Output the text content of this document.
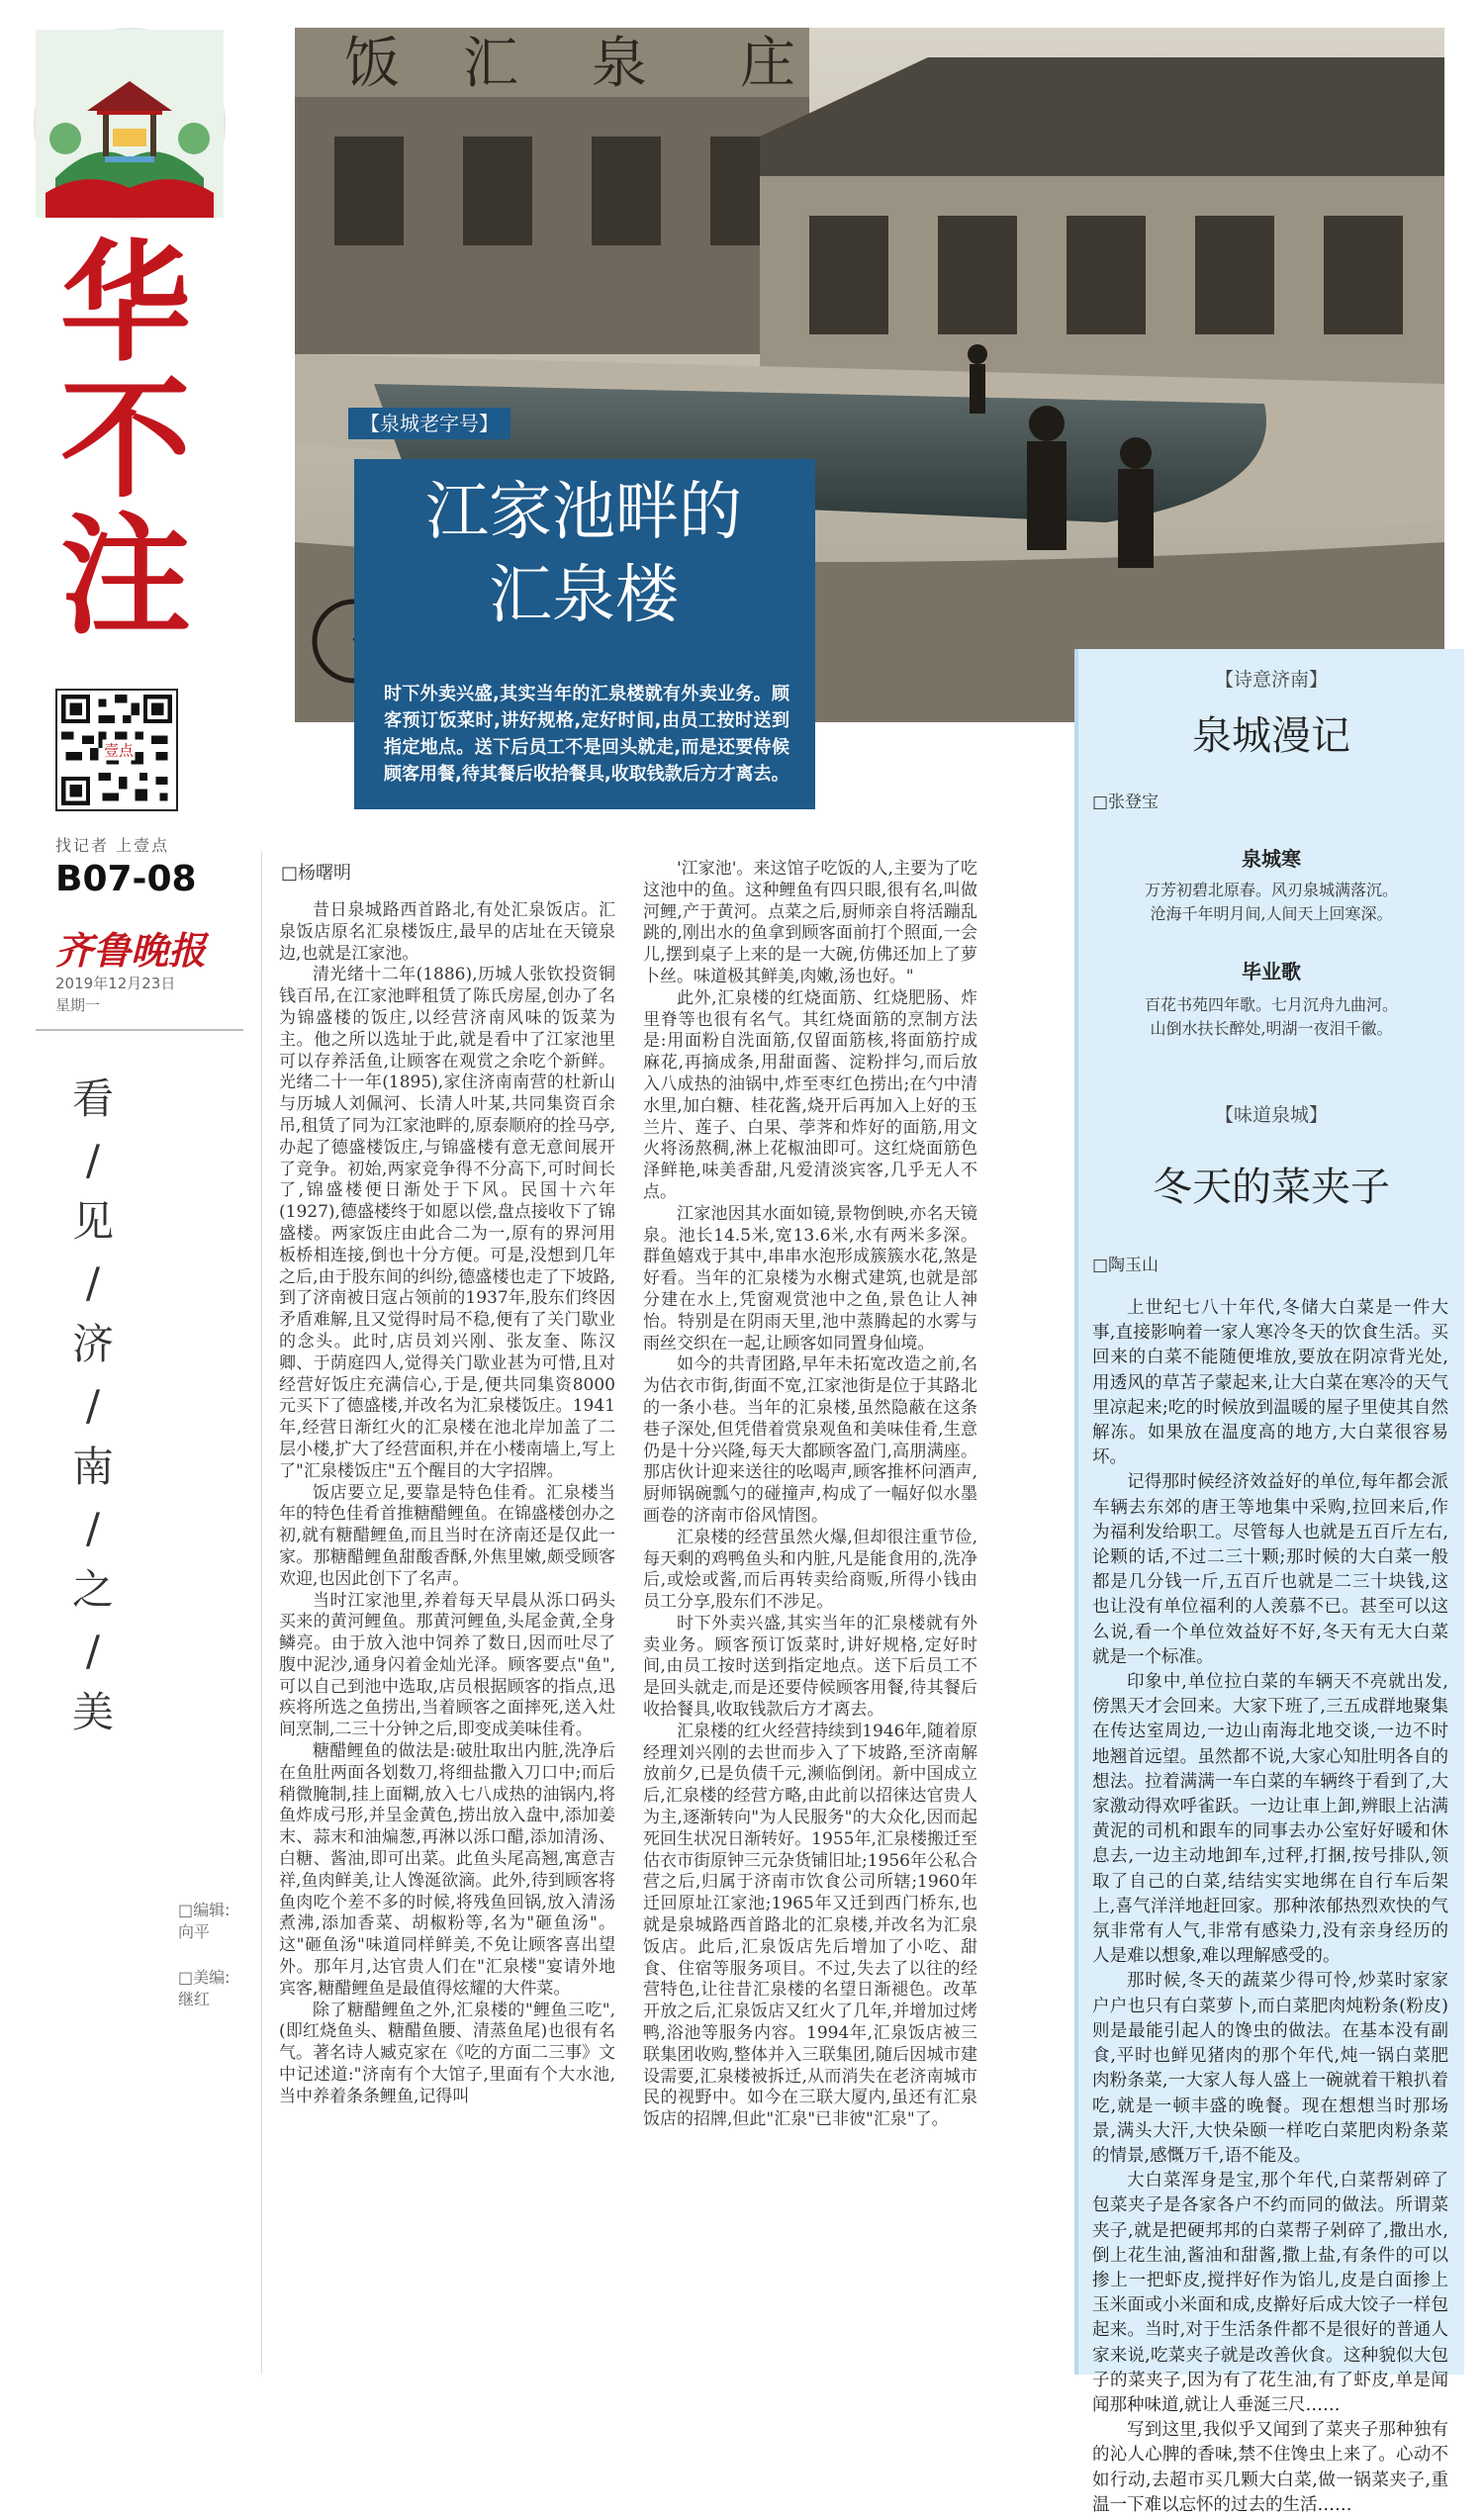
华不注
壹点
找记者 上壹点
B07-08
齐鲁晚报
2019年12月23日
星期一
看
∕
见
∕
济
∕
南
∕
之
∕
美
饭 汇 泉 庄
【泉城老字号】
江家池畔的
汇泉楼
时下外卖兴盛,其实当年的汇泉楼就有外卖业务。顾客预订饭菜时,讲好规格,定好时间,由员工按时送到指定地点。送下后员工不是回头就走,而是还要侍候顾客用餐,待其餐后收拾餐具,收取钱款后方才离去。
□杨曙明

昔日泉城路西首路北,有处汇泉饭店。汇泉饭店原名汇泉楼饭庄,最早的店址在天镜泉边,也就是江家池。

清光绪十二年(1886),历城人张钦投资铜钱百吊,在江家池畔租赁了陈氏房屋,创办了名为锦盛楼的饭庄,以经营济南风味的饭菜为主。他之所以选址于此,就是看中了江家池里可以存养活鱼,让顾客在观赏之余吃个新鲜。光绪二十一年(1895),家住济南南营的杜新山与历城人刘佩河、长清人叶某,共同集资百余吊,租赁了同为江家池畔的,原泰顺府的拴马亭,办起了德盛楼饭庄,与锦盛楼有意无意间展开了竞争。初始,两家竞争得不分高下,可时间长了,锦盛楼便日渐处于下风。民国十六年(1927),德盛楼终于如愿以偿,盘点接收下了锦盛楼。两家饭庄由此合二为一,原有的界河用板桥相连接,倒也十分方便。可是,没想到几年之后,由于股东间的纠纷,德盛楼也走了下坡路,到了济南被日寇占领前的1937年,股东们终因矛盾难解,且又觉得时局不稳,便有了关门歇业的念头。此时,店员刘兴刚、张友奎、陈汉卿、于荫庭四人,觉得关门歇业甚为可惜,且对经营好饭庄充满信心,于是,便共同集资8000元买下了德盛楼,并改名为汇泉楼饭庄。1941年,经营日渐红火的汇泉楼在池北岸加盖了二层小楼,扩大了经营面积,并在小楼南墙上,写上了"汇泉楼饭庄"五个醒目的大字招牌。

饭店要立足,要靠是特色佳肴。汇泉楼当年的特色佳肴首推糖醋鲤鱼。在锦盛楼创办之初,就有糖醋鲤鱼,而且当时在济南还是仅此一家。那糖醋鲤鱼甜酸香酥,外焦里嫩,颇受顾客欢迎,也因此创下了名声。

当时江家池里,养着每天早晨从泺口码头买来的黄河鲤鱼。那黄河鲤鱼,头尾金黄,全身鳞亮。由于放入池中饲养了数日,因而吐尽了腹中泥沙,通身闪着金灿光泽。顾客要点"鱼",可以自己到池中选取,店员根据顾客的指点,迅疾将所选之鱼捞出,当着顾客之面摔死,送入灶间烹制,二三十分钟之后,即变成美味佳肴。

糖醋鲤鱼的做法是:破肚取出内脏,洗净后在鱼肚两面各划数刀,将细盐撒入刀口中;而后稍微腌制,挂上面糊,放入七八成热的油锅内,将鱼炸成弓形,并呈金黄色,捞出放入盘中,添加姜末、蒜末和油煸葱,再淋以泺口醋,添加清汤、白糖、酱油,即可出菜。此鱼头尾高翘,寓意吉祥,鱼肉鲜美,让人馋涎欲滴。此外,待到顾客将鱼肉吃个差不多的时候,将残鱼回锅,放入清汤煮沸,添加香菜、胡椒粉等,名为"砸鱼汤"。这"砸鱼汤"味道同样鲜美,不免让顾客喜出望外。那年月,达官贵人们在"汇泉楼"宴请外地宾客,糖醋鲤鱼是最值得炫耀的大件菜。

除了糖醋鲤鱼之外,汇泉楼的"鲤鱼三吃",(即红烧鱼头、糖醋鱼腰、清蒸鱼尾)也很有名气。著名诗人臧克家在《吃的方面二三事》文中记述道:"济南有个大馆子,里面有个大水池,当中养着条条鲤鱼,记得叫

'江家池'。来这馆子吃饭的人,主要为了吃这池中的鱼。这种鲤鱼有四只眼,很有名,叫做河鲤,产于黄河。点菜之后,厨师亲自将活蹦乱跳的,刚出水的鱼拿到顾客面前打个照面,一会儿,摆到桌子上来的是一大碗,仿佛还加上了萝卜丝。味道极其鲜美,肉嫩,汤也好。"

此外,汇泉楼的红烧面筋、红烧肥肠、炸里脊等也很有名气。其红烧面筋的烹制方法是:用面粉自洗面筋,仅留面筋核,将面筋拧成麻花,再摘成条,用甜面酱、淀粉拌匀,而后放入八成热的油锅中,炸至枣红色捞出;在勺中清水里,加白糖、桂花酱,烧开后再加入上好的玉兰片、莲子、白果、荸荠和炸好的面筋,用文火将汤熬稠,淋上花椒油即可。这红烧面筋色泽鲜艳,味美香甜,凡爱清淡宾客,几乎无人不点。

江家池因其水面如镜,景物倒映,亦名天镜泉。池长14.5米,宽13.6米,水有两米多深。群鱼嬉戏于其中,串串水泡形成簇簇水花,煞是好看。当年的汇泉楼为水榭式建筑,也就是部分建在水上,凭窗观赏池中之鱼,景色让人神怡。特别是在阴雨天里,池中蒸腾起的水雾与雨丝交织在一起,让顾客如同置身仙境。

如今的共青团路,早年未拓宽改造之前,名为估衣市街,街面不宽,江家池街是位于其路北的一条小巷。当年的汇泉楼,虽然隐蔽在这条巷子深处,但凭借着赏泉观鱼和美味佳肴,生意仍是十分兴隆,每天大都顾客盈门,高朋满座。那店伙计迎来送往的吆喝声,顾客推杯问酒声,厨师锅碗瓢勺的碰撞声,构成了一幅好似水墨画卷的济南市俗风情图。

汇泉楼的经营虽然火爆,但却很注重节俭,每天剩的鸡鸭鱼头和内脏,凡是能食用的,洗净后,或烩或酱,而后再转卖给商贩,所得小钱由员工分享,股东们不涉足。

时下外卖兴盛,其实当年的汇泉楼就有外卖业务。顾客预订饭菜时,讲好规格,定好时间,由员工按时送到指定地点。送下后员工不是回头就走,而是还要侍候顾客用餐,待其餐后收拾餐具,收取钱款后方才离去。

汇泉楼的红火经营持续到1946年,随着原经理刘兴刚的去世而步入了下坡路,至济南解放前夕,已是负债千元,濒临倒闭。新中国成立后,汇泉楼的经营方略,由此前以招徕达官贵人为主,逐渐转向"为人民服务"的大众化,因而起死回生状况日渐转好。1955年,汇泉楼搬迁至估衣市街原钟三元杂货铺旧址;1956年公私合营之后,归属于济南市饮食公司所辖;1960年迁回原址江家池;1965年又迁到西门桥东,也就是泉城路西首路北的汇泉楼,并改名为汇泉饭店。此后,汇泉饭店先后增加了小吃、甜食、住宿等服务项目。不过,失去了以往的经营特色,让往昔汇泉楼的名望日渐褪色。改革开放之后,汇泉饭店又红火了几年,并增加过烤鸭,浴池等服务内容。1994年,汇泉饭店被三联集团收购,整体并入三联集团,随后因城市建设需要,汇泉楼被拆迁,从而消失在老济南城市民的视野中。如今在三联大厦内,虽还有汇泉饭店的招牌,但此"汇泉"已非彼"汇泉"了。

□编辑:向平
□美编:继红
【诗意济南】
泉城漫记
□张登宝
泉城寒
万芳初碧北原春。风刃泉城满落沉。
沧海千年明月间,人间天上回寒深。
毕业歌
百花书苑四年歌。七月沉舟九曲河。
山倒水扶长醉处,明湖一夜泪千徽。
【味道泉城】
冬天的菜夹子
□陶玉山

上世纪七八十年代,冬储大白菜是一件大事,直接影响着一家人寒冷冬天的饮食生活。买回来的白菜不能随便堆放,要放在阴凉背光处,用透风的草苫子蒙起来,让大白菜在寒冷的天气里凉起来;吃的时候放到温暖的屋子里使其自然解冻。如果放在温度高的地方,大白菜很容易坏。

记得那时候经济效益好的单位,每年都会派车辆去东郊的唐王等地集中采购,拉回来后,作为福利发给职工。尽管每人也就是五百斤左右,论颗的话,不过二三十颗;那时候的大白菜一般都是几分钱一斤,五百斤也就是二三十块钱,这也让没有单位福利的人羡慕不已。甚至可以这么说,看一个单位效益好不好,冬天有无大白菜就是一个标准。

印象中,单位拉白菜的车辆天不亮就出发,傍黑天才会回来。大家下班了,三五成群地聚集在传达室周边,一边山南海北地交谈,一边不时地翘首远望。虽然都不说,大家心知肚明各自的想法。拉着满满一车白菜的车辆终于看到了,大家激动得欢呼雀跃。一边让車上卸,辨眼上沾满黄泥的司机和跟车的同事去办公室好好暖和休息去,一边主动地卸车,过秤,打捆,按号排队,领取了自己的白菜,结结实实地绑在自行车后架上,喜气洋洋地赶回家。那种浓郁热烈欢快的气氛非常有人气,非常有感染力,没有亲身经历的人是难以想象,难以理解感受的。

那时候,冬天的蔬菜少得可怜,炒菜时家家户户也只有白菜萝卜,而白菜肥肉炖粉条(粉皮)则是最能引起人的馋虫的做法。在基本没有副食,平时也鲜见猪肉的那个年代,炖一锅白菜肥肉粉条菜,一大家人每人盛上一碗就着干粮扒着吃,就是一顿丰盛的晚餐。现在想想当时那场景,满头大汗,大快朵颐一样吃白菜肥肉粉条菜的情景,感慨万千,语不能及。

大白菜浑身是宝,那个年代,白菜帮剁碎了包菜夹子是各家各户不约而同的做法。所谓菜夹子,就是把硬邦邦的白菜帮子剁碎了,撒出水,倒上花生油,酱油和甜酱,撒上盐,有条件的可以掺上一把虾皮,搅拌好作为馅儿,皮是白面掺上玉米面或小米面和成,皮擀好后成大饺子一样包起来。当时,对于生活条件都不是很好的普通人家来说,吃菜夹子就是改善伙食。这种貌似大包子的菜夹子,因为有了花生油,有了虾皮,单是闻闻那种味道,就让人垂涎三尺……

写到这里,我似乎又闻到了菜夹子那种独有的沁人心脾的香味,禁不住馋虫上来了。心动不如行动,去超市买几颗大白菜,做一锅菜夹子,重温一下难以忘怀的过去的生活……
